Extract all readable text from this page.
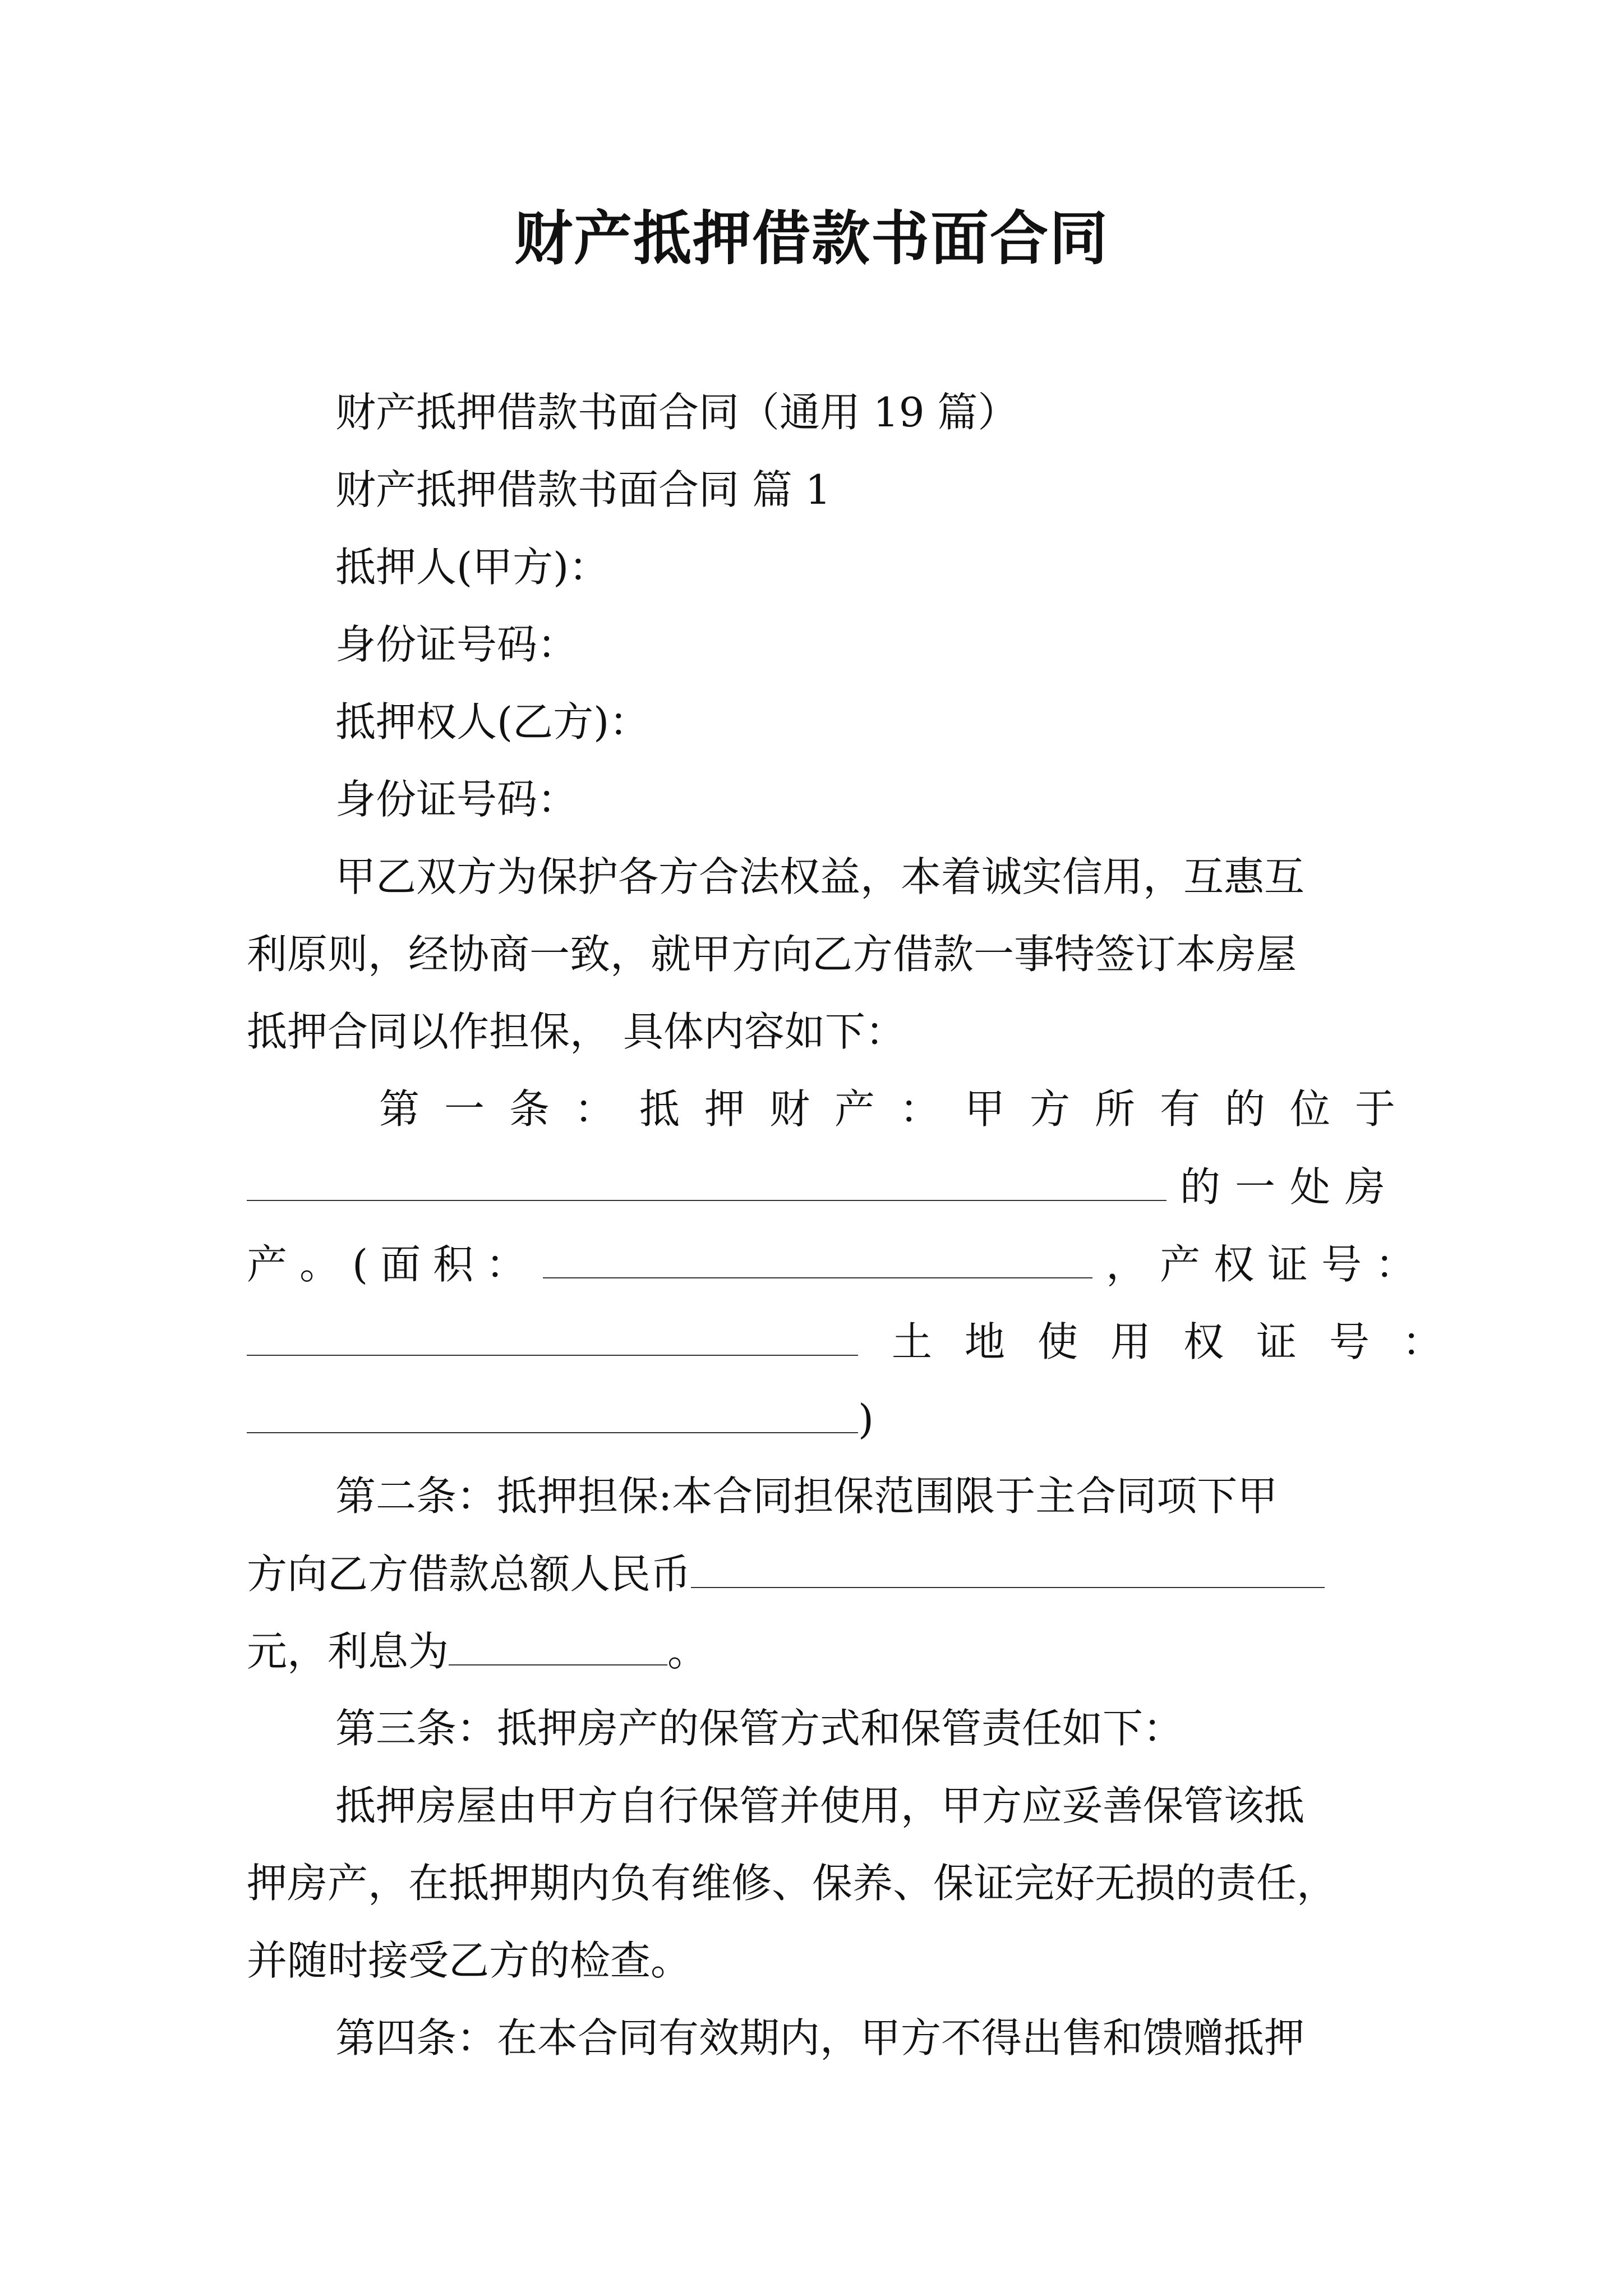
财产抵押借款书面合同
财产抵押借款书面合同（通用 19 篇）
财产抵押借款书面合同 篇 1
抵押人(甲方)：
身份证号码：
抵押权人(乙方)：
身份证号码：
甲乙双方为保护各方合法权益，本着诚实信用，互惠互
利原则，经协商一致，就甲方向乙方借款一事特签订本房屋
抵押合同以作担保， 具体内容如下：
第一条：抵押财产：甲方所有的位于
的一处房
产。(面积：	，产权证号：
土地使用权证号：
)
第二条：抵押担保:本合同担保范围限于主合同项下甲
方向乙方借款总额人民币
元，利息为	。
第三条：抵押房产的保管方式和保管责任如下：
抵押房屋由甲方自行保管并使用，甲方应妥善保管该抵
押房产，在抵押期内负有维修、保养、保证完好无损的责任，
并随时接受乙方的检查。
第四条：在本合同有效期内，甲方不得出售和馈赠抵押
